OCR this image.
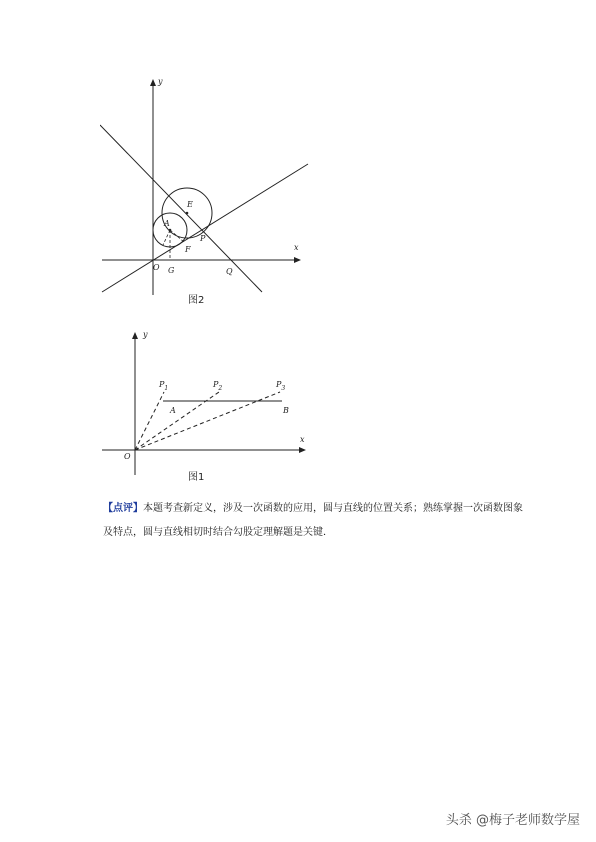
y
x
E
A
P
F
O G	Q
图2
y
x
$P_1$	$P_2$	$P_3$
A	B
O
图1
【点评】本题考查新定义，涉及一次函数的应用，圆与直线的位置关系；熟练掌握一次函数图象及特点，圆与直线相切时结合勾股定理解题是关键．
头杀 @梅子老师数学屋
